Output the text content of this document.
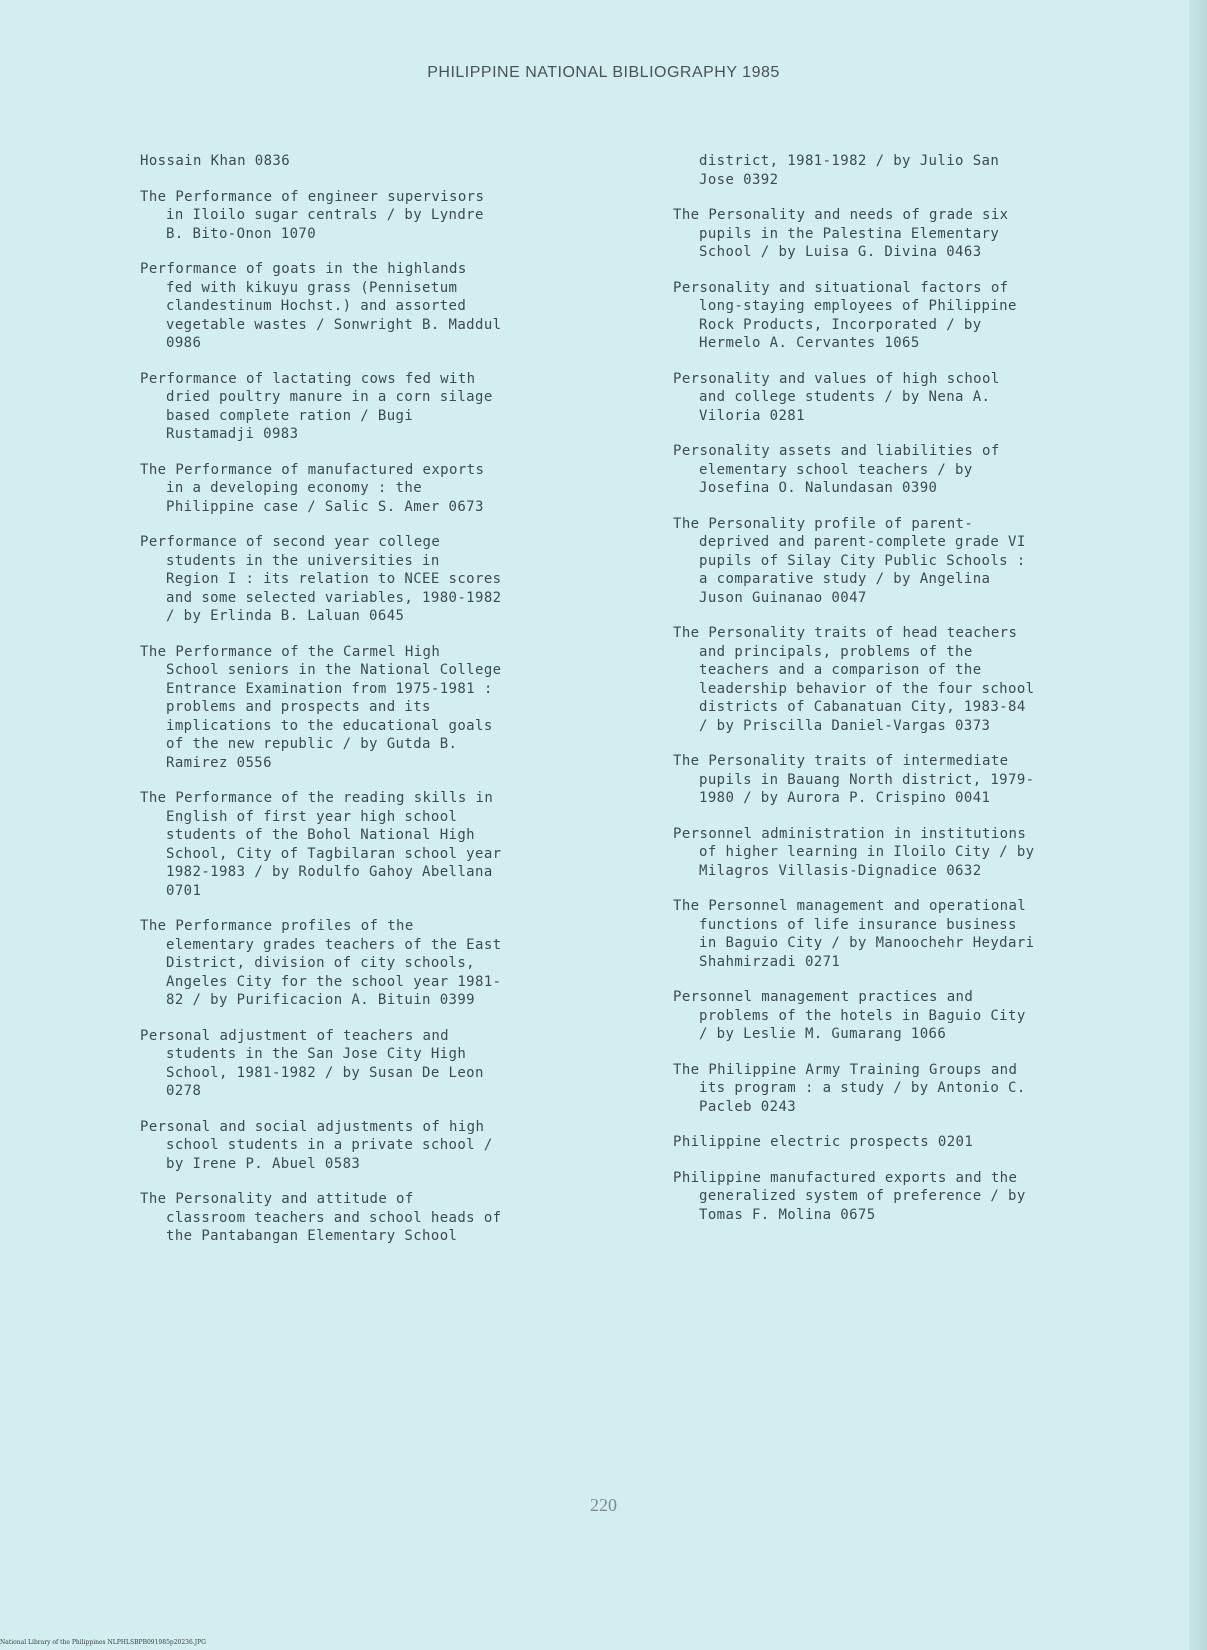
PHILIPPINE NATIONAL BIBLIOGRAPHY 1985
Hossain Khan 0836
The Performance of engineer supervisors
in Iloilo sugar centrals / by Lyndre
B. Bito-Onon 1070
Performance of goats in the highlands
fed with kikuyu grass (Pennisetum
clandestinum Hochst.) and assorted
vegetable wastes / Sonwright B. Maddul
0986
Performance of lactating cows fed with
dried poultry manure in a corn silage
based complete ration / Bugi
Rustamadji 0983
The Performance of manufactured exports
in a developing economy : the
Philippine case / Salic S. Amer 0673
Performance of second year college
students in the universities in
Region I : its relation to NCEE scores
and some selected variables, 1980-1982
/ by Erlinda B. Laluan 0645
The Performance of the Carmel High
School seniors in the National College
Entrance Examination from 1975-1981 :
problems and prospects and its
implications to the educational goals
of the new republic / by Gutda B.
Ramirez 0556
The Performance of the reading skills in
English of first year high school
students of the Bohol National High
School, City of Tagbilaran school year
1982-1983 / by Rodulfo Gahoy Abellana
0701
The Performance profiles of the
elementary grades teachers of the East
District, division of city schools,
Angeles City for the school year 1981-
82 / by Purificacion A. Bituin 0399
Personal adjustment of teachers and
students in the San Jose City High
School, 1981-1982 / by Susan De Leon
0278
Personal and social adjustments of high
school students in a private school /
by Irene P. Abuel 0583
The Personality and attitude of
classroom teachers and school heads of
the Pantabangan Elementary School
district, 1981-1982 / by Julio San
Jose 0392
The Personality and needs of grade six
pupils in the Palestina Elementary
School / by Luisa G. Divina 0463
Personality and situational factors of
long-staying employees of Philippine
Rock Products, Incorporated / by
Hermelo A. Cervantes 1065
Personality and values of high school
and college students / by Nena A.
Viloria 0281
Personality assets and liabilities of
elementary school teachers / by
Josefina O. Nalundasan 0390
The Personality profile of parent-
deprived and parent-complete grade VI
pupils of Silay City Public Schools :
a comparative study / by Angelina
Juson Guinanao 0047
The Personality traits of head teachers
and principals, problems of the
teachers and a comparison of the
leadership behavior of the four school
districts of Cabanatuan City, 1983-84
/ by Priscilla Daniel-Vargas 0373
The Personality traits of intermediate
pupils in Bauang North district, 1979-
1980 / by Aurora P. Crispino 0041
Personnel administration in institutions
of higher learning in Iloilo City / by
Milagros Villasis-Dignadice 0632
The Personnel management and operational
functions of life insurance business
in Baguio City / by Manoochehr Heydari
Shahmirzadi 0271
Personnel management practices and
problems of the hotels in Baguio City
/ by Leslie M. Gumarang 1066
The Philippine Army Training Groups and
its program : a study / by Antonio C.
Pacleb 0243
Philippine electric prospects 0201
Philippine manufactured exports and the
generalized system of preference / by
Tomas F. Molina 0675
220
National Library of the Philippines NLPHLSBPB091985p20236.JPG
